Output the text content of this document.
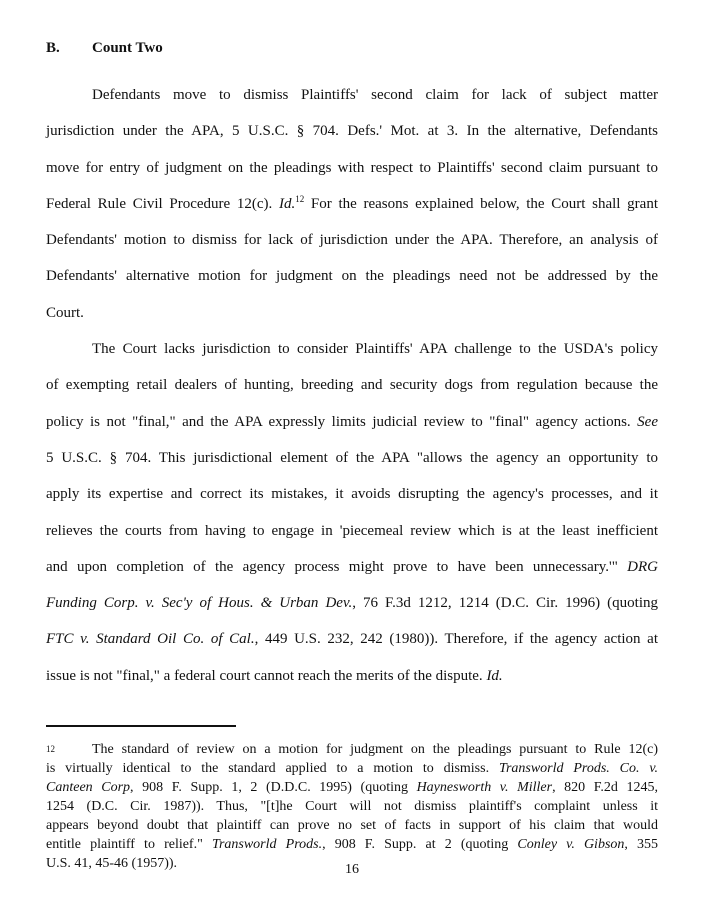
B. Count Two

Defendants move to dismiss Plaintiffs' second claim for lack of subject matter
jurisdiction under the APA, 5 U.S.C. § 704. Defs.' Mot. at 3. In the alternative, Defendants
move for entry of judgment on the pleadings with respect to Plaintiffs' second claim pursuant to
Federal Rule Civil Procedure 12(c). Id.$^{12}$ For the reasons explained below, the Court shall grant
Defendants' motion to dismiss for lack of jurisdiction under the APA. Therefore, an analysis of
Defendants' alternative motion for judgment on the pleadings need not be addressed by the
Court.

The Court lacks jurisdiction to consider Plaintiffs' APA challenge to the USDA's policy
of exempting retail dealers of hunting, breeding and security dogs from regulation because the
policy is not "final," and the APA expressly limits judicial review to "final" agency actions. See
5 U.S.C. § 704. This jurisdictional element of the APA "allows the agency an opportunity to
apply its expertise and correct its mistakes, it avoids disrupting the agency's processes, and it
relieves the courts from having to engage in 'piecemeal review which is at the least inefficient
and upon completion of the agency process might prove to have been unnecessary.'" DRG
Funding Corp. v. Sec'y of Hous. & Urban Dev., 76 F.3d 1212, 1214 (D.C. Cir. 1996) (quoting
FTC v. Standard Oil Co. of Cal., 449 U.S. 232, 242 (1980)). Therefore, if the agency action at
issue is not "final," a federal court cannot reach the merits of the dispute. Id.

12	The standard of review on a motion for judgment on the pleadings pursuant to Rule 12(c)
is virtually identical to the standard applied to a motion to dismiss. Transworld Prods. Co. v.
Canteen Corp, 908 F. Supp. 1, 2 (D.D.C. 1995) (quoting Haynesworth v. Miller, 820 F.2d 1245,
1254 (D.C. Cir. 1987)). Thus, "[t]he Court will not dismiss plaintiff's complaint unless it
appears beyond doubt that plaintiff can prove no set of facts in support of his claim that would
entitle plaintiff to relief." Transworld Prods., 908 F. Supp. at 2 (quoting Conley v. Gibson, 355
U.S. 41, 45-46 (1957)).	16
